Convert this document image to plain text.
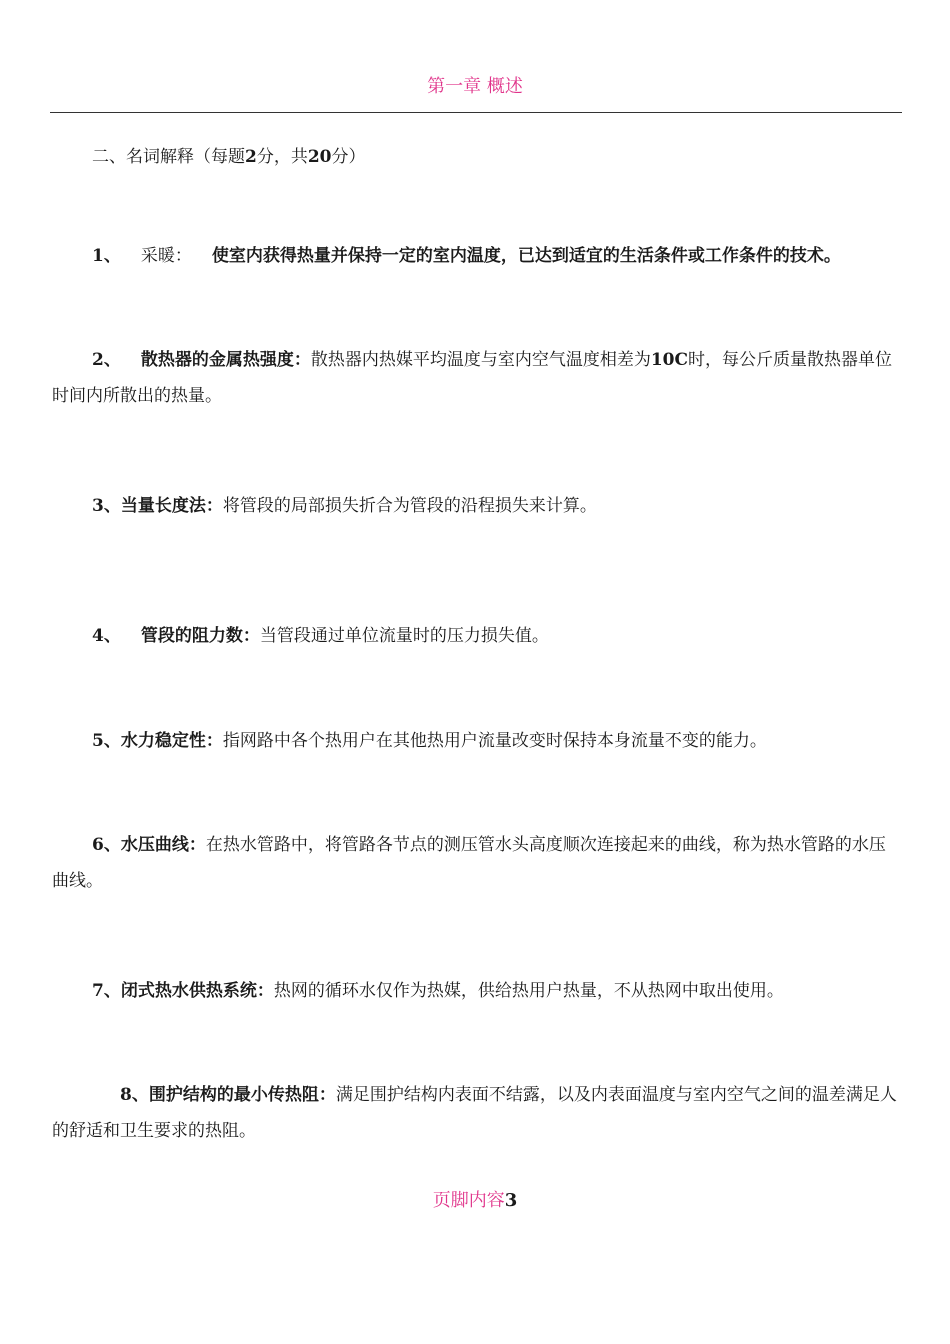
第一章 概述
二、名词解释（每题2分，共20分）
1、 采暖： 使室内获得热量并保持一定的室内温度，已达到适宜的生活条件或工作条件的技术。
2、 散热器的金属热强度：散热器内热媒平均温度与室内空气温度相差为10C时，每公斤质量散热器单位时间内所散出的热量。
3、当量长度法：将管段的局部损失折合为管段的沿程损失来计算。
4、 管段的阻力数：当管段通过单位流量时的压力损失值。
5、水力稳定性：指网路中各个热用户在其他热用户流量改变时保持本身流量不变的能力。
6、水压曲线：在热水管路中，将管路各节点的测压管水头高度顺次连接起来的曲线，称为热水管路的水压曲线。
7、闭式热水供热系统：热网的循环水仅作为热媒，供给热用户热量，不从热网中取出使用。
8、围护结构的最小传热阻：满足围护结构内表面不结露，以及内表面温度与室内空气之间的温差满足人的舒适和卫生要求的热阻。
页脚内容3
